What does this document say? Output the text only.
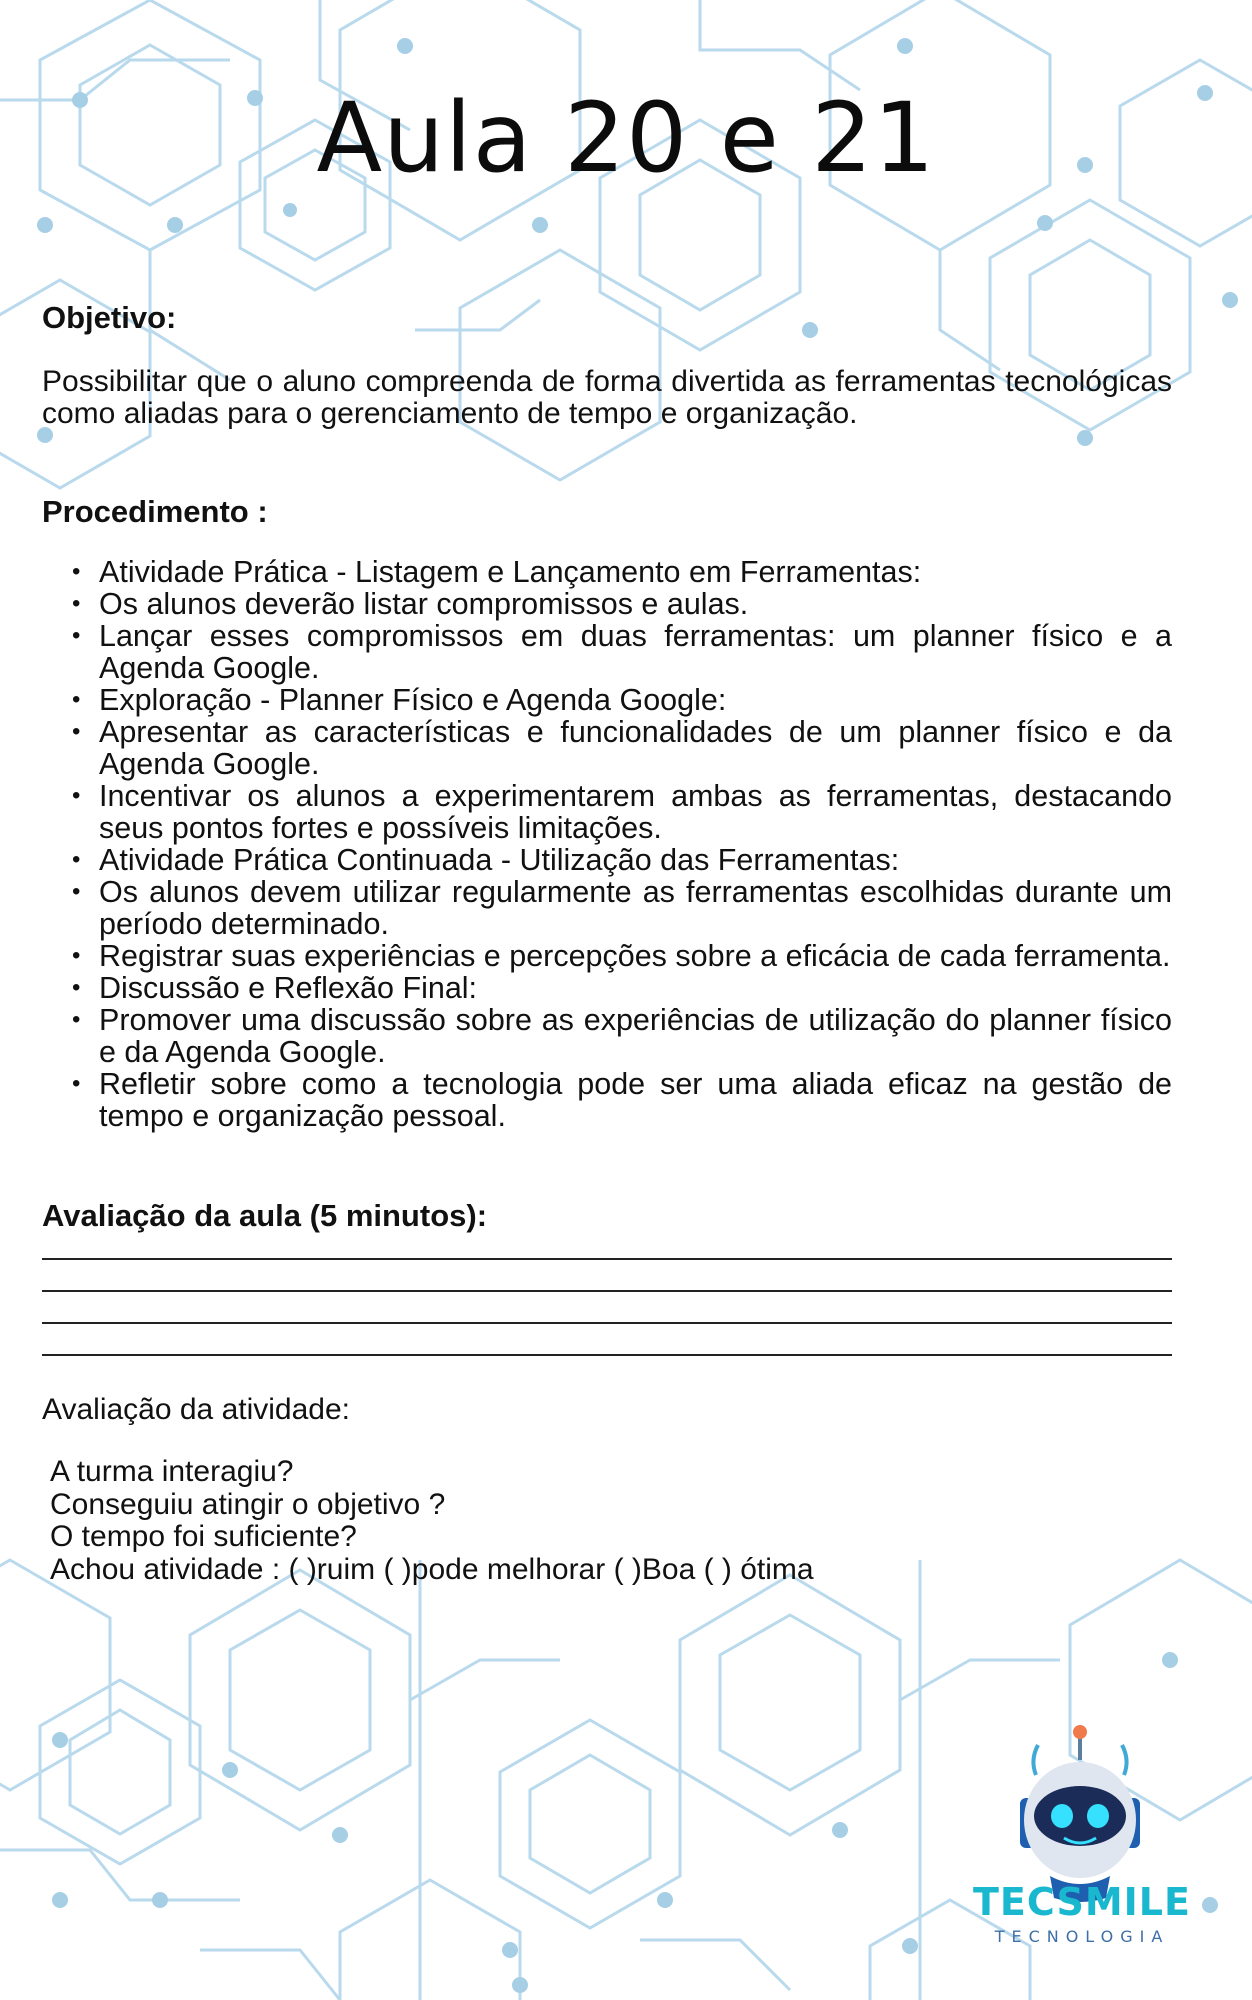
Aula 20 e 21
Objetivo:
Possibilitar que o aluno compreenda de forma divertida as ferramentas tecnológicas como aliadas para o gerenciamento de tempo e organização.
Procedimento :
• Atividade Prática - Listagem e Lançamento em Ferramentas:
• Os alunos deverão listar compromissos e aulas.
• Lançar esses compromissos em duas ferramentas: um planner físico e a Agenda Google.
• Exploração - Planner Físico e Agenda Google:
• Apresentar as características e funcionalidades de um planner físico e da Agenda Google.
• Incentivar os alunos a experimentarem ambas as ferramentas, destacando seus pontos fortes e possíveis limitações.
• Atividade Prática Continuada - Utilização das Ferramentas:
• Os alunos devem utilizar regularmente as ferramentas escolhidas durante um período determinado.
• Registrar suas experiências e percepções sobre a eficácia de cada ferramenta.
• Discussão e Reflexão Final:
• Promover uma discussão sobre as experiências de utilização do planner físico e da Agenda Google.
• Refletir sobre como a tecnologia pode ser uma aliada eficaz na gestão de tempo e organização pessoal.
Avaliação da aula (5 minutos):
Avaliação da atividade:
A turma interagiu?
Conseguiu atingir o objetivo ?
O tempo foi suficiente?
Achou atividade : ( )ruim ( )pode melhorar ( )Boa ( ) ótima
TECSMILE
TECNOLOGIA
